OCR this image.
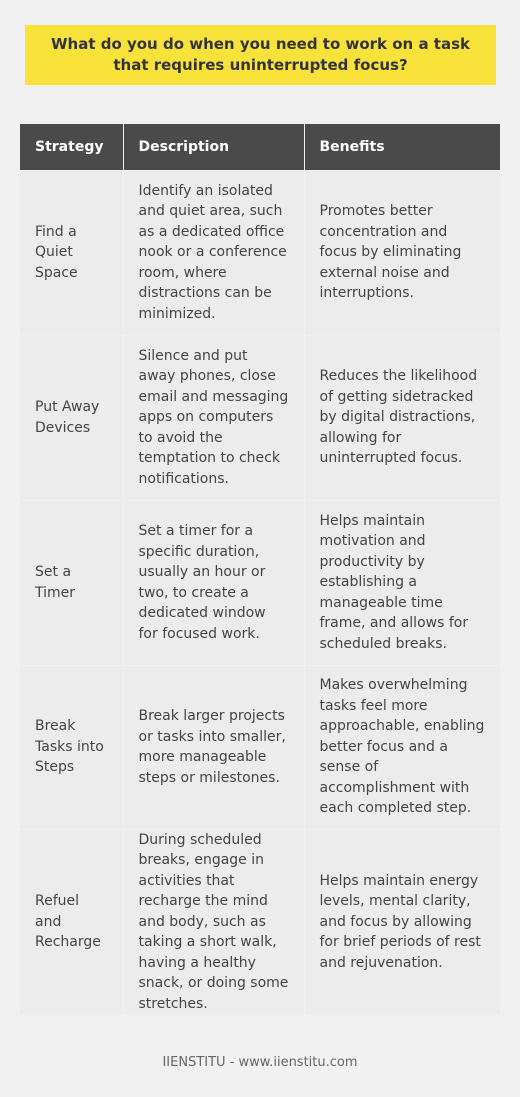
What do you do when you need to work on a task that requires uninterrupted focus?
Strategy	Description	Benefits
Find a Quiet Space	Identify an isolated and quiet area, such as a dedicated office nook or a conference room, where distractions can be minimized.	Promotes better concentration and focus by eliminating external noise and interruptions.
Put Away Devices	Silence and put away phones, close email and messaging apps on computers to avoid the temptation to check notifications.	Reduces the likelihood of getting sidetracked by digital distractions, allowing for uninterrupted focus.
Set a Timer	Set a timer for a specific duration, usually an hour or two, to create a dedicated window for focused work.	Helps maintain motivation and productivity by establishing a manageable time frame, and allows for scheduled breaks.
Break Tasks into Steps	Break larger projects or tasks into smaller, more manageable steps or milestones.	Makes overwhelming tasks feel more approachable, enabling better focus and a sense of accomplishment with each completed step.
Refuel and Recharge	During scheduled breaks, engage in activities that recharge the mind and body, such as taking a short walk, having a healthy snack, or doing some stretches.	Helps maintain energy levels, mental clarity, and focus by allowing for brief periods of rest and rejuvenation.
IIENSTITU - www.iienstitu.com
